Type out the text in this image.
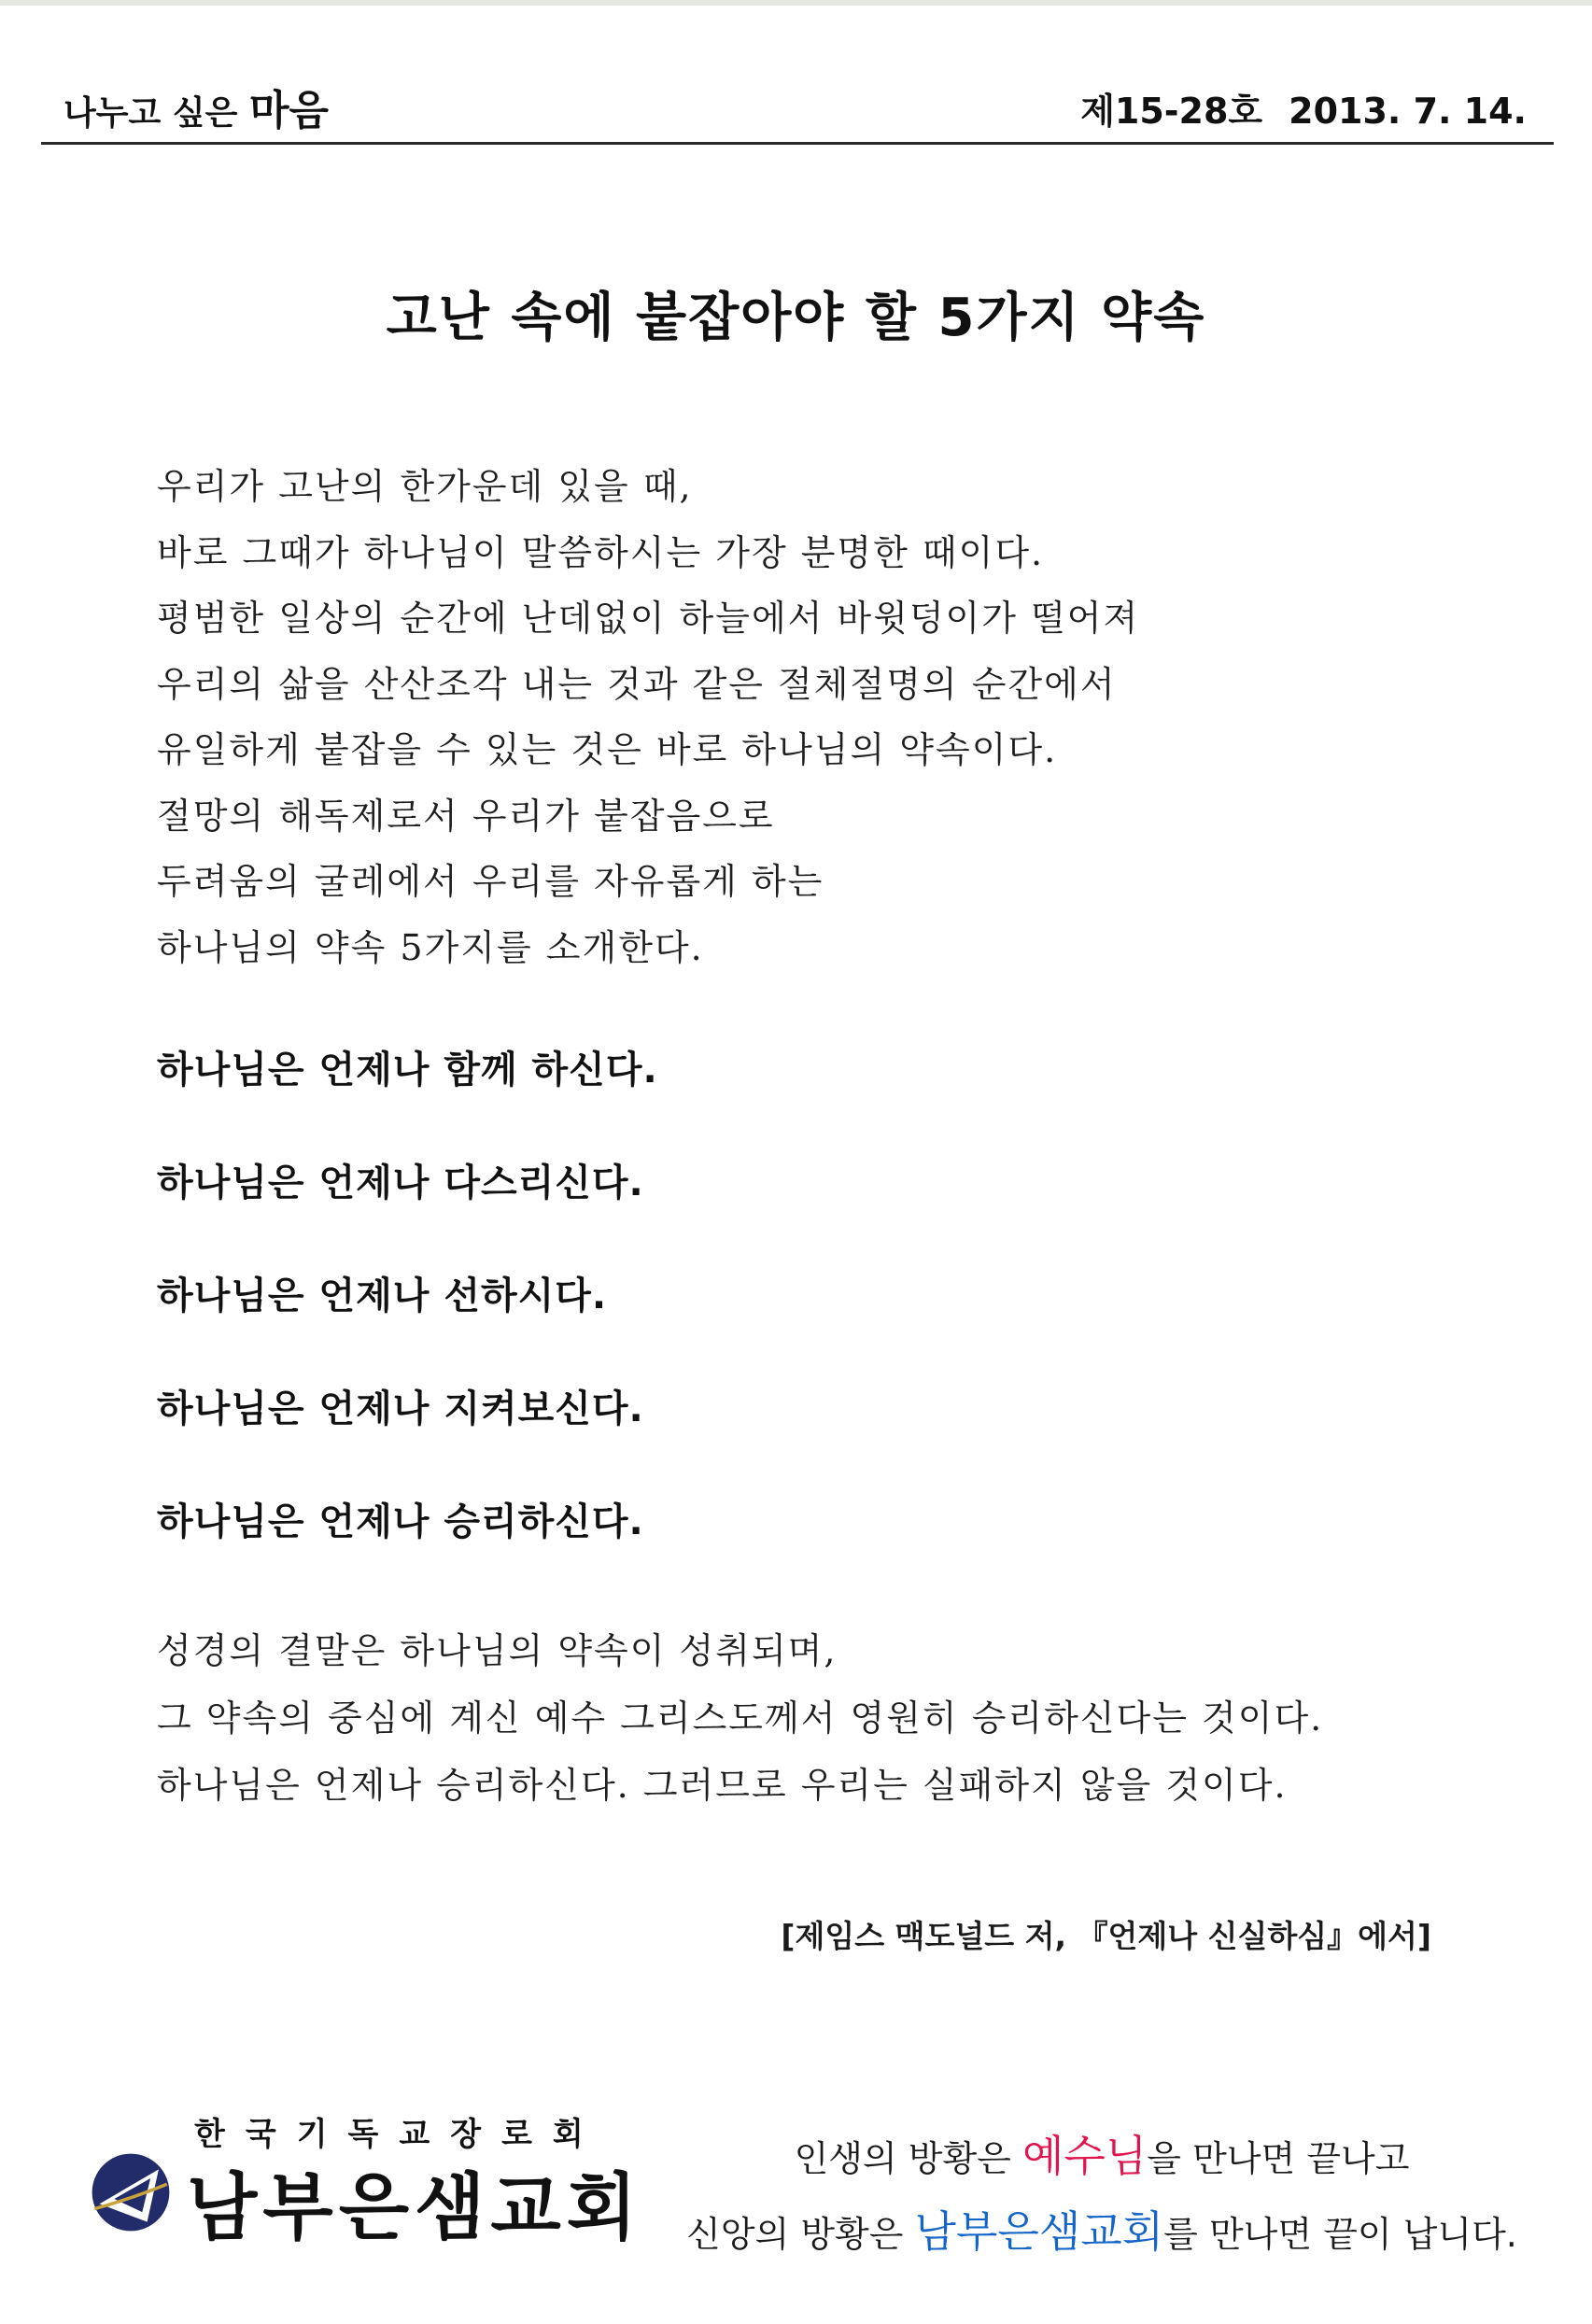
나누고 싶은 마음	제15-28호 2013. 7. 14.
고난 속에 붙잡아야 할 5가지 약속
우리가 고난의 한가운데 있을 때,
바로 그때가 하나님이 말씀하시는 가장 분명한 때이다.
평범한 일상의 순간에 난데없이 하늘에서 바윗덩이가 떨어져
우리의 삶을 산산조각 내는 것과 같은 절체절명의 순간에서
유일하게 붙잡을 수 있는 것은 바로 하나님의 약속이다.
절망의 해독제로서 우리가 붙잡음으로
두려움의 굴레에서 우리를 자유롭게 하는
하나님의 약속 5가지를 소개한다.
하나님은 언제나 함께 하신다.
하나님은 언제나 다스리신다.
하나님은 언제나 선하시다.
하나님은 언제나 지켜보신다.
하나님은 언제나 승리하신다.
성경의 결말은 하나님의 약속이 성취되며,
그 약속의 중심에 계신 예수 그리스도께서 영원히 승리하신다는 것이다.
하나님은 언제나 승리하신다. 그러므로 우리는 실패하지 않을 것이다.
[제임스 맥도널드 저, 『언제나 신실하심』에서]
한국기독교장로회
남부은샘교회
인생의 방황은 예수님을 만나면 끝나고
신앙의 방황은 남부은샘교회를 만나면 끝이 납니다.
